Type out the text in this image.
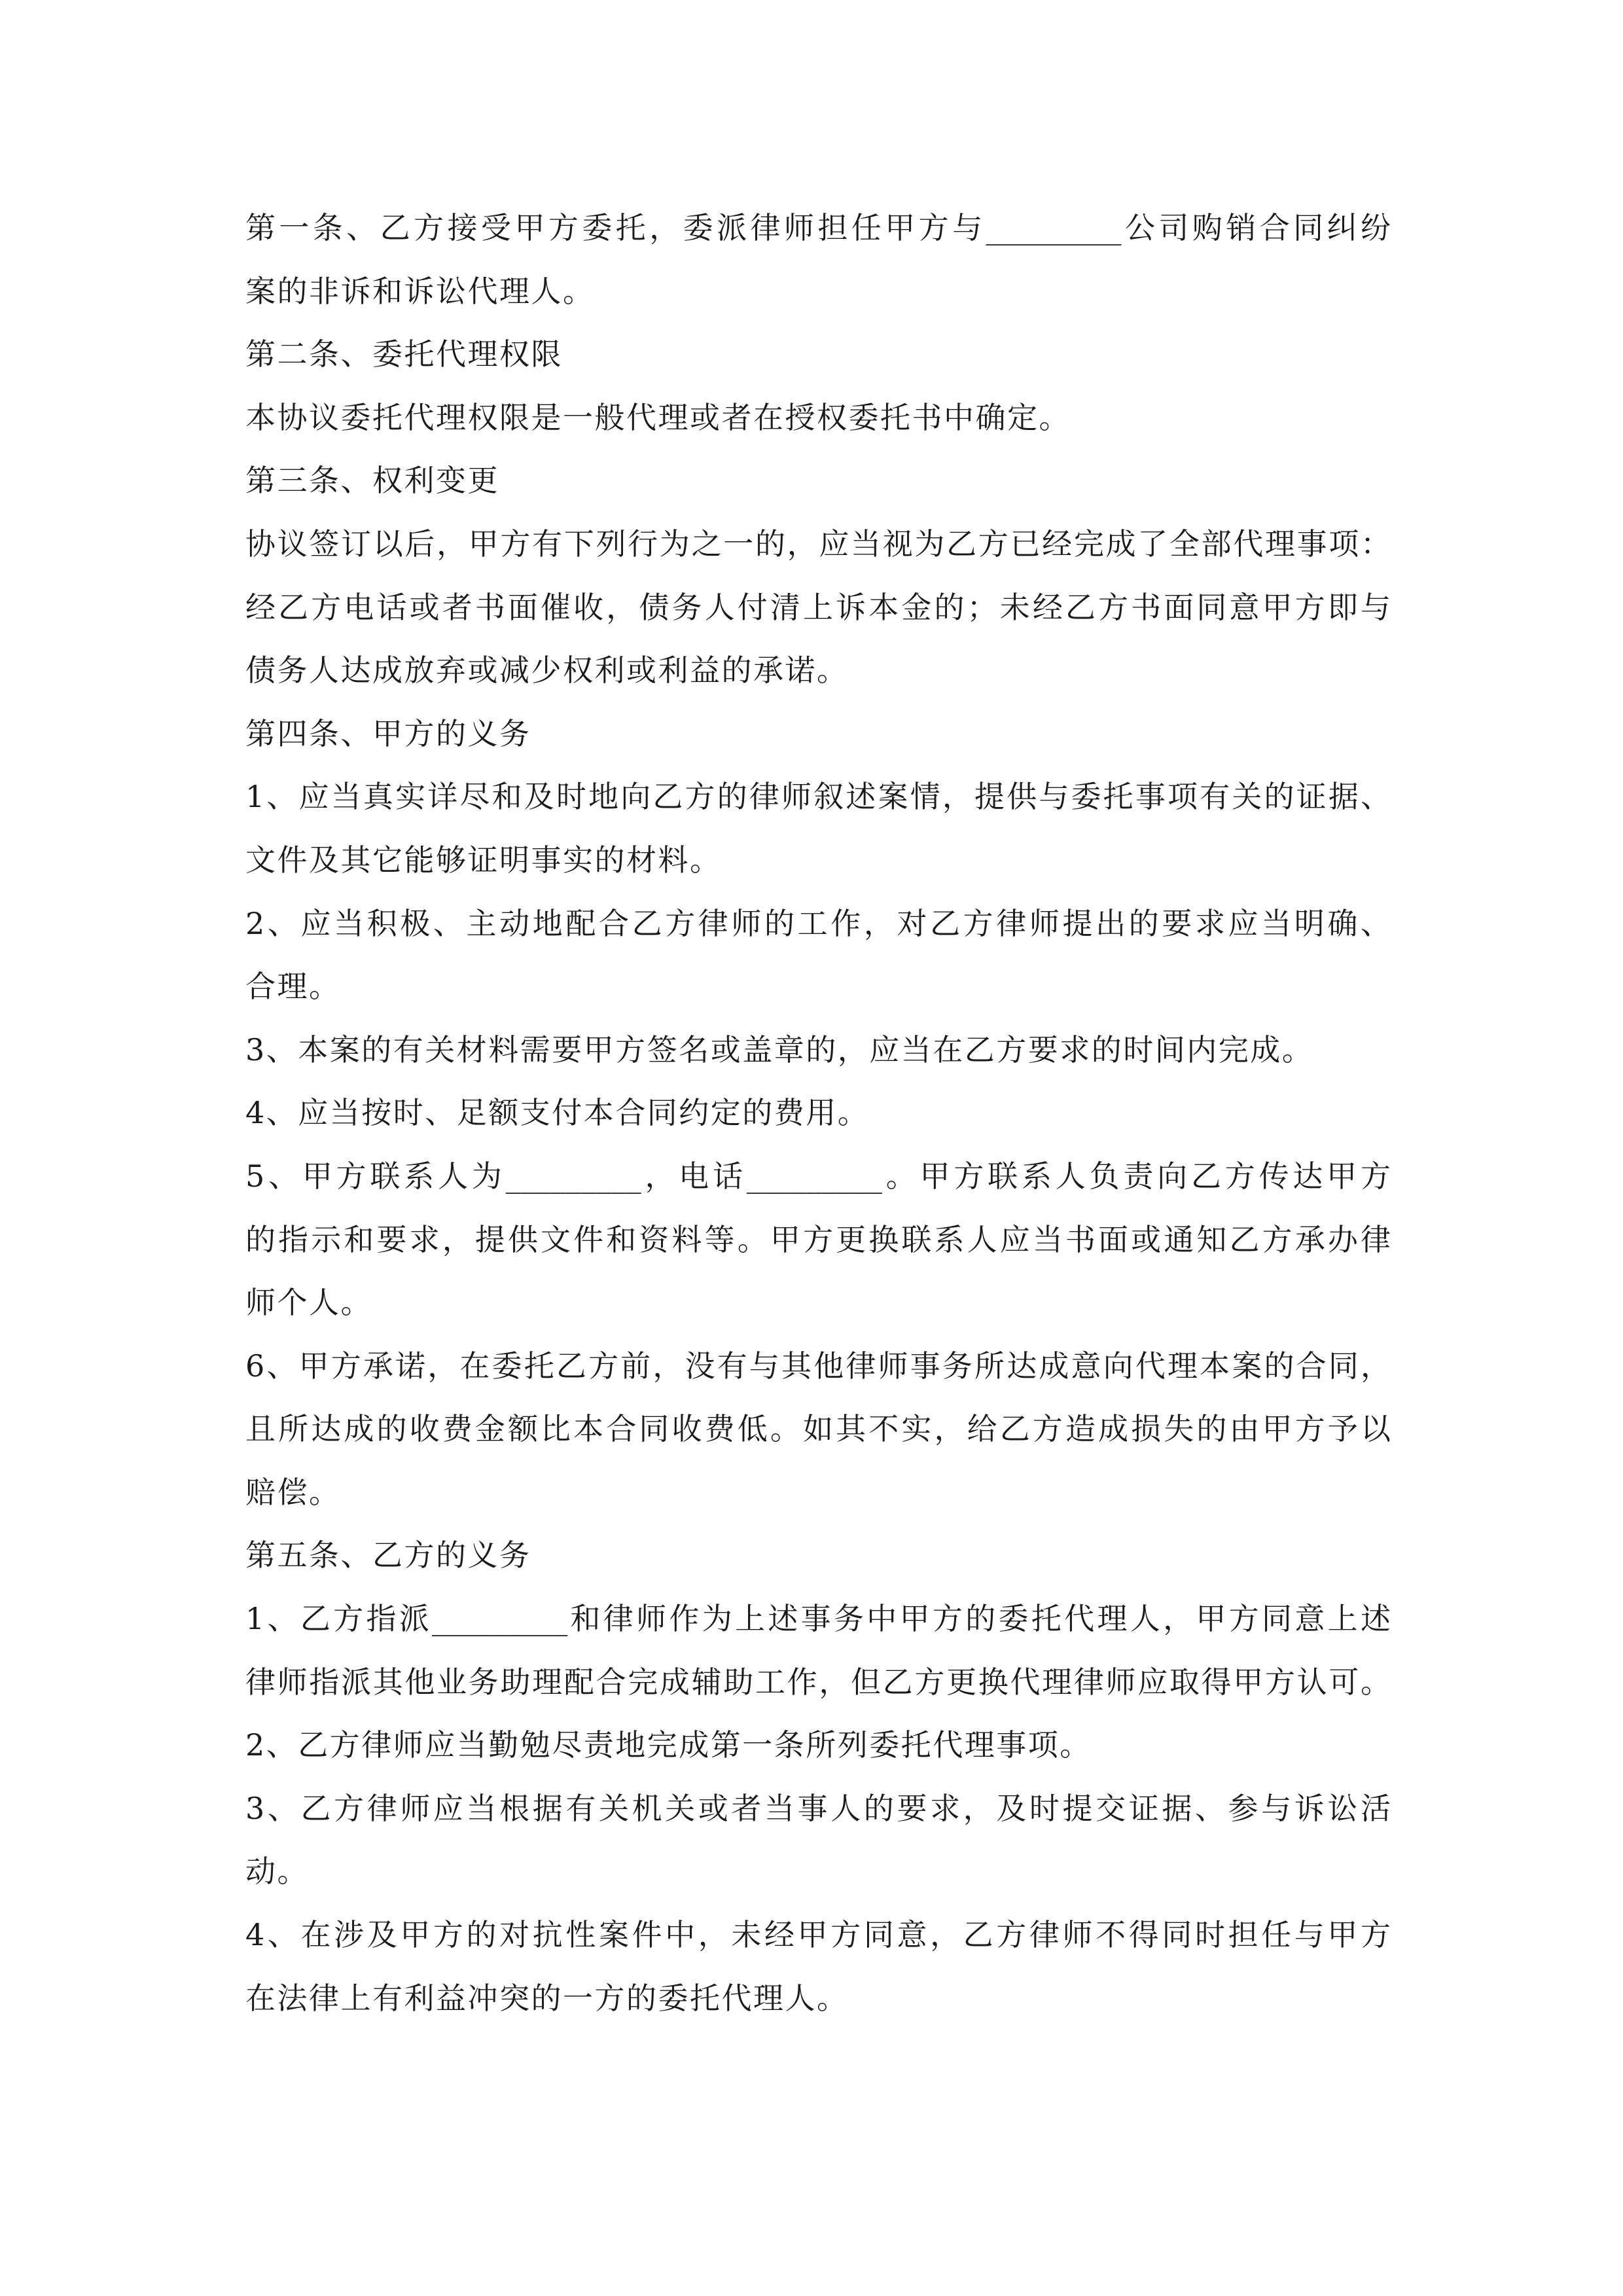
第一条、乙方接受甲方委托，委派律师担任甲方与_________公司购销合同纠纷
案的非诉和诉讼代理人。
第二条、委托代理权限
本协议委托代理权限是一般代理或者在授权委托书中确定。
第三条、权利变更
协议签订以后，甲方有下列行为之一的，应当视为乙方已经完成了全部代理事项：
经乙方电话或者书面催收，债务人付清上诉本金的；未经乙方书面同意甲方即与
债务人达成放弃或减少权利或利益的承诺。
第四条、甲方的义务
1、应当真实详尽和及时地向乙方的律师叙述案情，提供与委托事项有关的证据、
文件及其它能够证明事实的材料。
2、应当积极、主动地配合乙方律师的工作，对乙方律师提出的要求应当明确、
合理。
3、本案的有关材料需要甲方签名或盖章的，应当在乙方要求的时间内完成。
4、应当按时、足额支付本合同约定的费用。
5、甲方联系人为_________，电话_________。甲方联系人负责向乙方传达甲方
的指示和要求，提供文件和资料等。甲方更换联系人应当书面或通知乙方承办律
师个人。
6、甲方承诺，在委托乙方前，没有与其他律师事务所达成意向代理本案的合同，
且所达成的收费金额比本合同收费低。如其不实，给乙方造成损失的由甲方予以
赔偿。
第五条、乙方的义务
1、乙方指派_________和律师作为上述事务中甲方的委托代理人，甲方同意上述
律师指派其他业务助理配合完成辅助工作，但乙方更换代理律师应取得甲方认可。
2、乙方律师应当勤勉尽责地完成第一条所列委托代理事项。
3、乙方律师应当根据有关机关或者当事人的要求，及时提交证据、参与诉讼活
动。
4、在涉及甲方的对抗性案件中，未经甲方同意，乙方律师不得同时担任与甲方
在法律上有利益冲突的一方的委托代理人。
